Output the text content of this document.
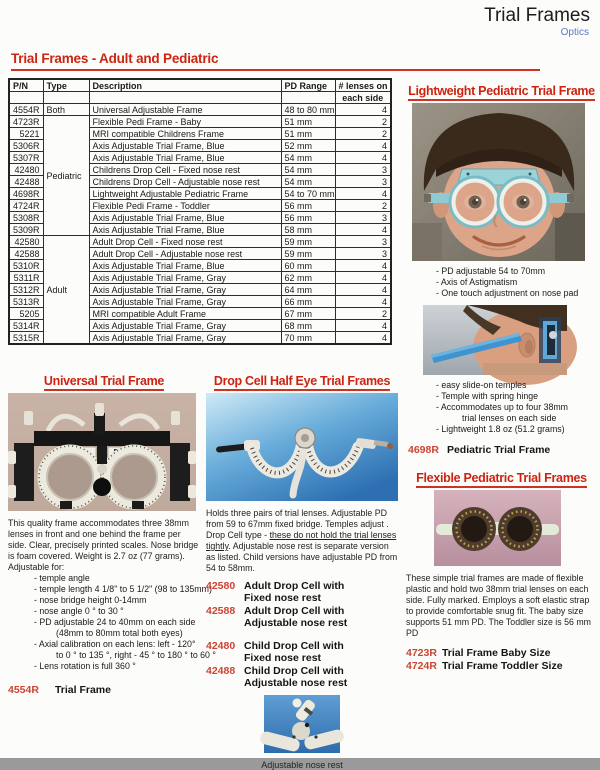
Trial Frames
Optics
Trial Frames - Adult and Pediatric
P/N	Type	Description	PD Range	# lenses on
				each side
4554R	Both	Universal Adjustable Frame	48 to 80 mm	4
4723R	Pediatric	Flexible Pedi Frame - Baby	51 mm	2
5221		MRI compatible Childrens Frame	51 mm	2
5306R		Axis Adjustable Trial Frame, Blue	52 mm	4
5307R		Axis Adjustable Trial Frame, Blue	54 mm	4
42480		Childrens Drop Cell - Fixed nose rest	54 mm	3
42488		Childrens Drop Cell - Adjustable nose rest	54 mm	3
4698R		Lightweight Adjustable Pediatric Frame	54 to 70 mm	4
4724R		Flexible Pedi Frame - Toddler	56 mm	2
5308R		Axis Adjustable Trial Frame, Blue	56 mm	3
5309R		Axis Adjustable Trial Frame, Blue	58 mm	4
42580	Adult	Adult Drop Cell - Fixed nose rest	59 mm	3
42588		Adult Drop Cell - Adjustable nose rest	59 mm	3
5310R		Axis Adjustable Trial Frame, Blue	60 mm	4
5311R		Axis Adjustable Trial Frame, Gray	62 mm	4
5312R		Axis Adjustable Trial Frame, Gray	64 mm	4
5313R		Axis Adjustable Trial Frame, Gray	66 mm	4
5205		MRI compatible Adult Frame	67 mm	2
5314R		Axis Adjustable Trial Frame, Gray	68 mm	4
5315R		Axis Adjustable Trial Frame, Gray	70 mm	4
Universal Trial Frame
This quality frame accommodates three 38mm lenses in front and one behind the frame per side. Clear, precisely printed scales. Nose bridge is foam covered. Weight is 2.7 oz (77 grams).
Adjustable for:
- temple angle
- temple length 4 1/8" to 5 1/2" (98 to 135mm)
- nose bridge height 0-14mm
- nose angle 0 ° to 30 °
- PD adjustable 24 to 40mm on each side
(48mm to 80mm total both eyes)
- Axial calibration on each lens: left - 120°
to 0 ° to 135 °, right - 45 ° to 180 ° to 60 °
- Lens rotation is full 360 °
4554R Trial Frame
Drop Cell Half Eye Trial Frames
Holds three pairs of trial lenses. Adjustable PD from 59 to 67mm fixed bridge. Temples adjust . Drop Cell type - these do not hold the trial lenses tightly. Adjustable nose rest is separate version as listed. Child versions have adjustable PD from 54 to 58mm.
42580 Adult Drop Cell with
Fixed nose rest
42588 Adult Drop Cell with
Adjustable nose rest
42480 Child Drop Cell with
Fixed nose rest
42488 Child Drop Cell with
Adjustable nose rest
Adjustable nose rest
Lightweight Pediatric Trial Frame
- PD adjustable 54 to 70mm
- Axis of Astigmatism
- One touch adjustment on nose pad
- easy slide-on temples
- Temple with spring hinge
- Accommodates up to four 38mm
trial lenses on each side
- Lightweight 1.8 oz (51.2 grams)
4698R Pediatric Trial Frame
Flexible Pediatric Trial Frames
These simple trial frames are made of flexible plastic and hold two 38mm trial lenses on each side. Fully marked. Employs a soft elastic strap to provide comfortable snug fit. The baby size supports 51 mm PD. The Toddler size is 56 mm PD
4723R Trial Frame Baby Size
4724R Trial Frame Toddler Size
